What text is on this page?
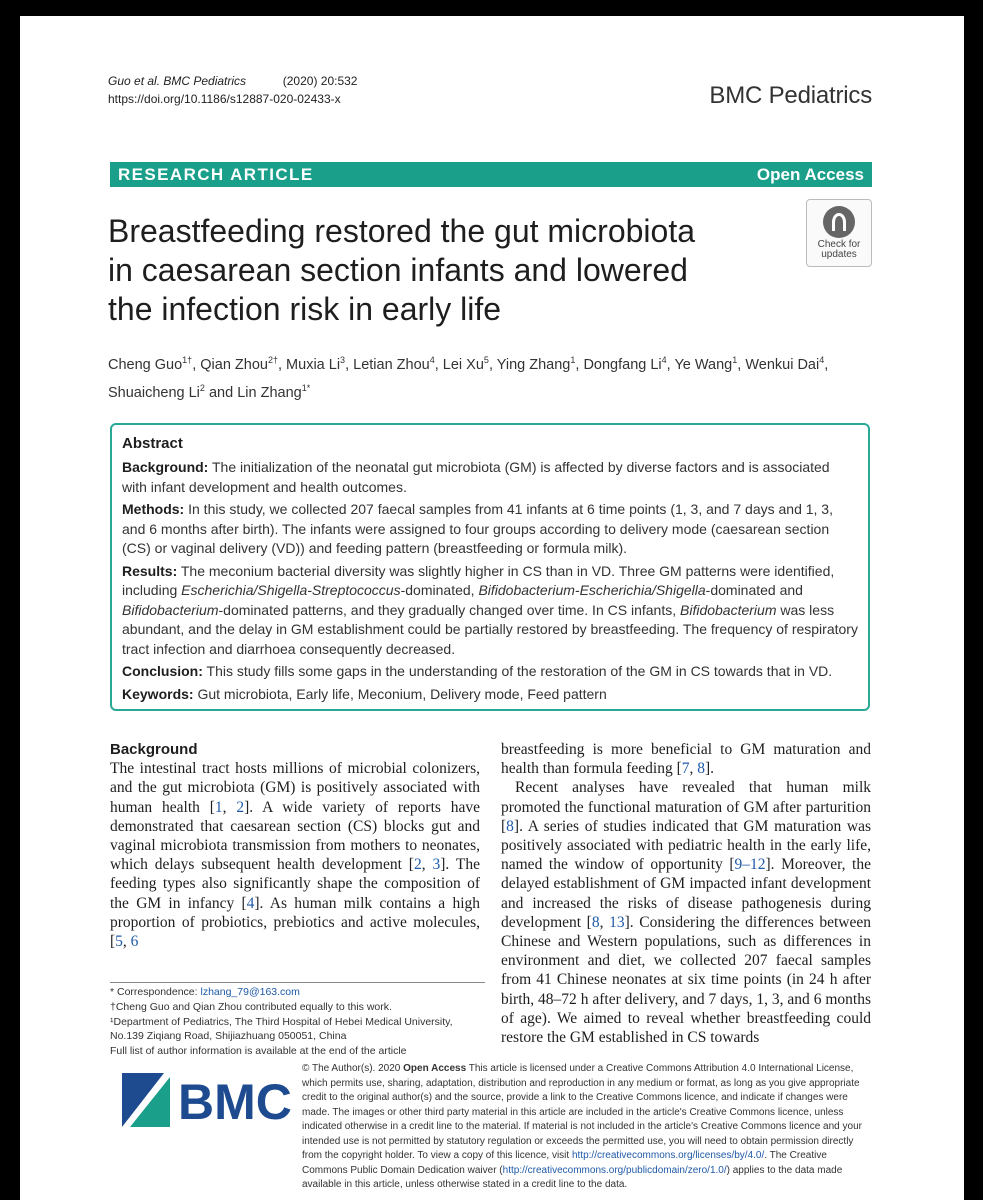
Guo et al. BMC Pediatrics	(2020) 20:532
https://doi.org/10.1186/s12887-020-02433-x	BMC Pediatrics
RESEARCH ARTICLE	Open Access
Breastfeeding restored the gut microbiota
in caesarean section infants and lowered
the infection risk in early life
Check for
updates
Cheng Guo$^{1\dagger}$, Qian Zhou$^{2\dagger}$, Muxia Li$^3$, Letian Zhou$^4$, Lei Xu$^5$, Ying Zhang$^1$, Dongfang Li$^4$, Ye Wang$^1$, Wenkui Dai$^4$,
Shuaicheng Li$^2$ and Lin Zhang$^{1*}$
Abstract

Background: The initialization of the neonatal gut microbiota (GM) is affected by diverse factors and is associated with infant development and health outcomes.

Methods: In this study, we collected 207 faecal samples from 41 infants at 6 time points (1, 3, and 7 days and 1, 3, and 6 months after birth). The infants were assigned to four groups according to delivery mode (caesarean section (CS) or vaginal delivery (VD)) and feeding pattern (breastfeeding or formula milk).

Results: The meconium bacterial diversity was slightly higher in CS than in VD. Three GM patterns were identified, including Escherichia/Shigella-Streptococcus-dominated, Bifidobacterium-Escherichia/Shigella-dominated and Bifidobacterium-dominated patterns, and they gradually changed over time. In CS infants, Bifidobacterium was less abundant, and the delay in GM establishment could be partially restored by breastfeeding. The frequency of respiratory tract infection and diarrhoea consequently decreased.

Conclusion: This study fills some gaps in the understanding of the restoration of the GM in CS towards that in VD.

Keywords: Gut microbiota, Early life, Meconium, Delivery mode, Feed pattern

Background
The intestinal tract hosts millions of microbial colonizers, and the gut microbiota (GM) is positively associated with human health [1, 2]. A wide variety of reports have demonstrated that caesarean section (CS) blocks gut and vaginal microbiota transmission from mothers to neonates, which delays subsequent health development [2, 3]. The feeding types also significantly shape the composition of the GM in infancy [4]. As human milk contains a high proportion of probiotics, prebiotics and active molecules, [5, 6
breastfeeding is more beneficial to GM maturation and health than formula feeding [7, 8].
Recent analyses have revealed that human milk promoted the functional maturation of GM after parturition [8]. A series of studies indicated that GM maturation was positively associated with pediatric health in the early life, named the window of opportunity [9–12]. Moreover, the delayed establishment of GM impacted infant development and increased the risks of disease pathogenesis during development [8, 13]. Considering the differences between Chinese and Western populations, such as differences in environment and diet, we collected 207 faecal samples from 41 Chinese neonates at six time points (in 24 h after birth, 48–72 h after delivery, and 7 days, 1, 3, and 6 months of age). We aimed to reveal whether breastfeeding could restore the GM established in CS towards
* Correspondence: lzhang_79@163.com
†Cheng Guo and Qian Zhou contributed equally to this work.
¹Department of Pediatrics, The Third Hospital of Hebei Medical University, No.139 Ziqiang Road, Shijiazhuang 050051, China
Full list of author information is available at the end of the article
BMC
© The Author(s). 2020 Open Access This article is licensed under a Creative Commons Attribution 4.0 International License, which permits use, sharing, adaptation, distribution and reproduction in any medium or format, as long as you give appropriate credit to the original author(s) and the source, provide a link to the Creative Commons licence, and indicate if changes were made. The images or other third party material in this article are included in the article's Creative Commons licence, unless indicated otherwise in a credit line to the material. If material is not included in the article's Creative Commons licence and your intended use is not permitted by statutory regulation or exceeds the permitted use, you will need to obtain permission directly from the copyright holder. To view a copy of this licence, visit http://creativecommons.org/licenses/by/4.0/. The Creative Commons Public Domain Dedication waiver (http://creativecommons.org/publicdomain/zero/1.0/) applies to the data made available in this article, unless otherwise stated in a credit line to the data.
